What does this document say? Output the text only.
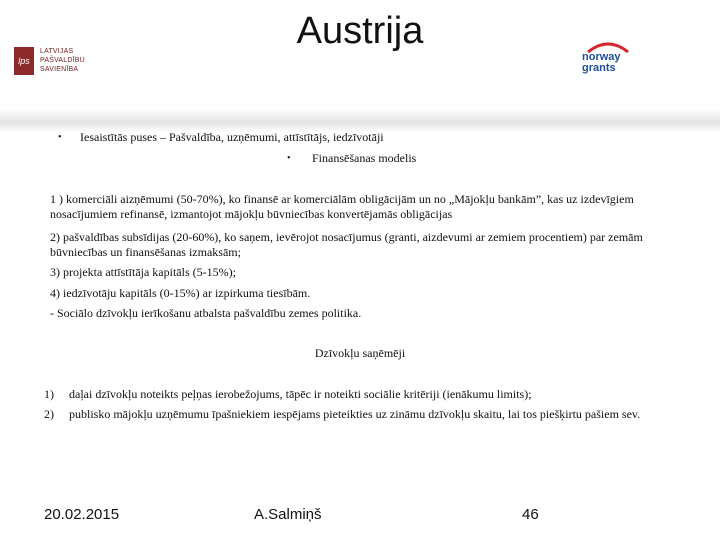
Austrija
lps
LATVIJAS
PAŠVALDĪBU
SAVIENĪBA
norway
grants
• Iesaistītās puses – Pašvaldība, uzņēmumi, attīstītājs, iedzīvotāji
• Finansēšanas modelis
1 ) komerciāli aizņēmumi (50-70%), ko finansē ar komerciālām obligācijām un no „Mājokļu bankām”, kas uz izdevīgiem nosacījumiem refinansē, izmantojot mājokļu būvniecības konvertējamās obligācijas
2) pašvaldības subsīdijas (20-60%), ko saņem, ievērojot nosacījumus (granti, aizdevumi ar zemiem procentiem) par zemām būvniecības un finansēšanas izmaksām;
3) projekta attīstītāja kapitāls (5-15%);
4) iedzīvotāju kapitāls (0-15%) ar izpirkuma tiesībām.
- Sociālo dzīvokļu ierīkošanu atbalsta pašvaldību zemes politika.
Dzīvokļu saņēmēji
1) daļai dzīvokļu noteikts peļņas ierobežojums, tāpēc ir noteikti sociālie kritēriji (ienākumu limits);
2) publisko mājokļu uzņēmumu īpašniekiem iespējams pieteikties uz zināmu dzīvokļu skaitu, lai tos piešķirtu pašiem sev.
20.02.2015	A.Salmiņš	46
